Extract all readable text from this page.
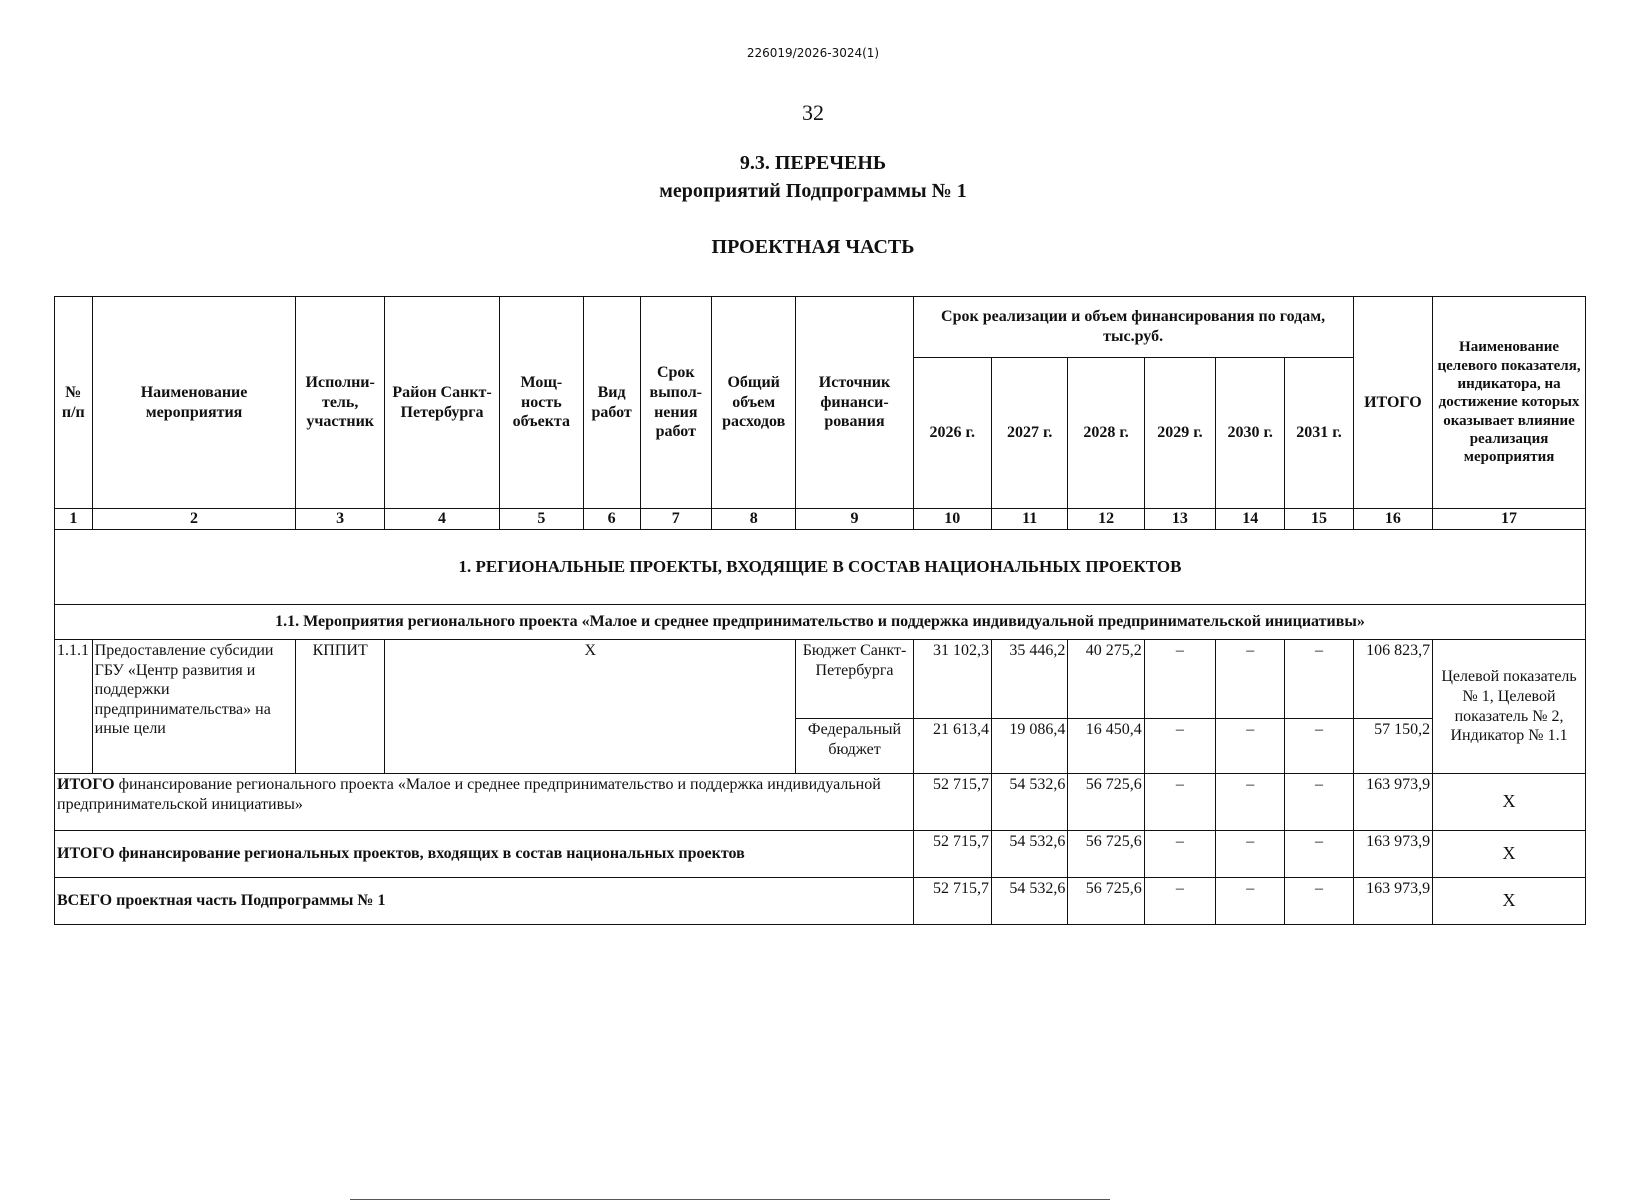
226019/2026-3024(1)
32
9.3. ПЕРЕЧЕНЬ
мероприятий Подпрограммы № 1
ПРОЕКТНАЯ ЧАСТЬ
№ п/п	Наименование мероприятия	Исполни-тель, участник	Район Санкт-Петербурга	Мощ-ность объекта	Вид работ	Срок выпол-нения работ	Общий объем расходов	Источник финанси-рования	Срок реализации и объем финансирования по годам, тыс.руб.						ИТОГО	Наименование целевого показателя, индикатора, на достижение которых оказывает влияние реализация мероприятия
									2026 г.	2027 г.	2028 г.	2029 г.	2030 г.	2031 г.		
1	2	3	4	5	6	7	8	9	10	11	12	13	14	15	16	17
1. РЕГИОНАЛЬНЫЕ ПРОЕКТЫ, ВХОДЯЩИЕ В СОСТАВ НАЦИОНАЛЬНЫХ ПРОЕКТОВ																
1.1. Мероприятия регионального проекта «Малое и среднее предпринимательство и поддержка индивидуальной предпринимательской инициативы»																
1.1.1	Предоставление субсидии ГБУ «Центр развития и поддержки предпринимательства» на иные цели	КППИТ	X					Бюджет Санкт-Петербурга	31 102,3	35 446,2	40 275,2	–	–	–	106 823,7	Целевой показатель № 1, Целевой показатель № 2, Индикатор № 1.1
								Федеральный бюджет	21 613,4	19 086,4	16 450,4	–	–	–	57 150,2	
ИТОГО финансирование регионального проекта «Малое и среднее предпринимательство и поддержка индивидуальной предпринимательской инициативы»									52 715,7	54 532,6	56 725,6	–	–	–	163 973,9	X
ИТОГО финансирование региональных проектов, входящих в состав национальных проектов									52 715,7	54 532,6	56 725,6	–	–	–	163 973,9	X
ВСЕГО проектная часть Подпрограммы № 1									52 715,7	54 532,6	56 725,6	–	–	–	163 973,9	X
